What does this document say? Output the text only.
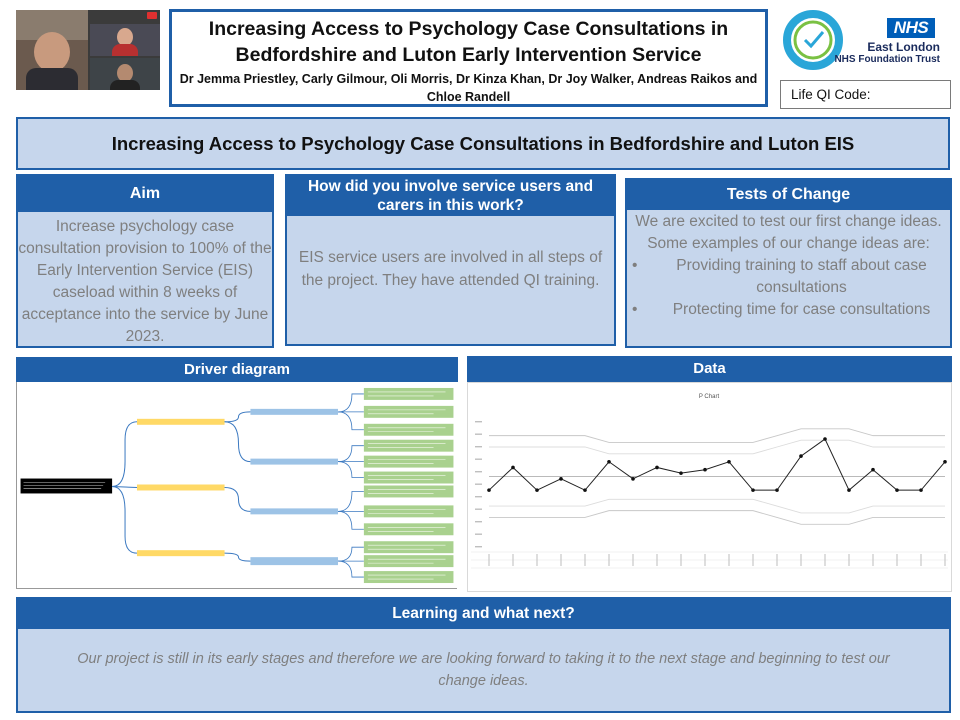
Increasing Access to Psychology Case Consultations in Bedfordshire and Luton Early Intervention Service
Dr Jemma Priestley, Carly Gilmour, Oli Morris, Dr Kinza Khan, Dr Joy Walker, Andreas Raikos and Chloe Randell
NHS
East London
NHS Foundation Trust
Life QI Code:
Increasing Access to Psychology Case Consultations in Bedfordshire and Luton EIS
Aim
Increase psychology case consultation provision to 100% of the Early Intervention Service (EIS) caseload within 8 weeks of acceptance into the service by June 2023.
How did you involve service users and carers in this work?
EIS service users are involved in all steps of the project. They have attended QI training.
Tests of Change
We are excited to test our first change ideas. Some examples of our change ideas are:
• Providing training to staff about case consultations
• Protecting time for case consultations
Driver diagram	Data
P Chart
Learning and what next?
Our project is still in its early stages and therefore we are looking forward to taking it to the next stage and beginning to test our change ideas.
